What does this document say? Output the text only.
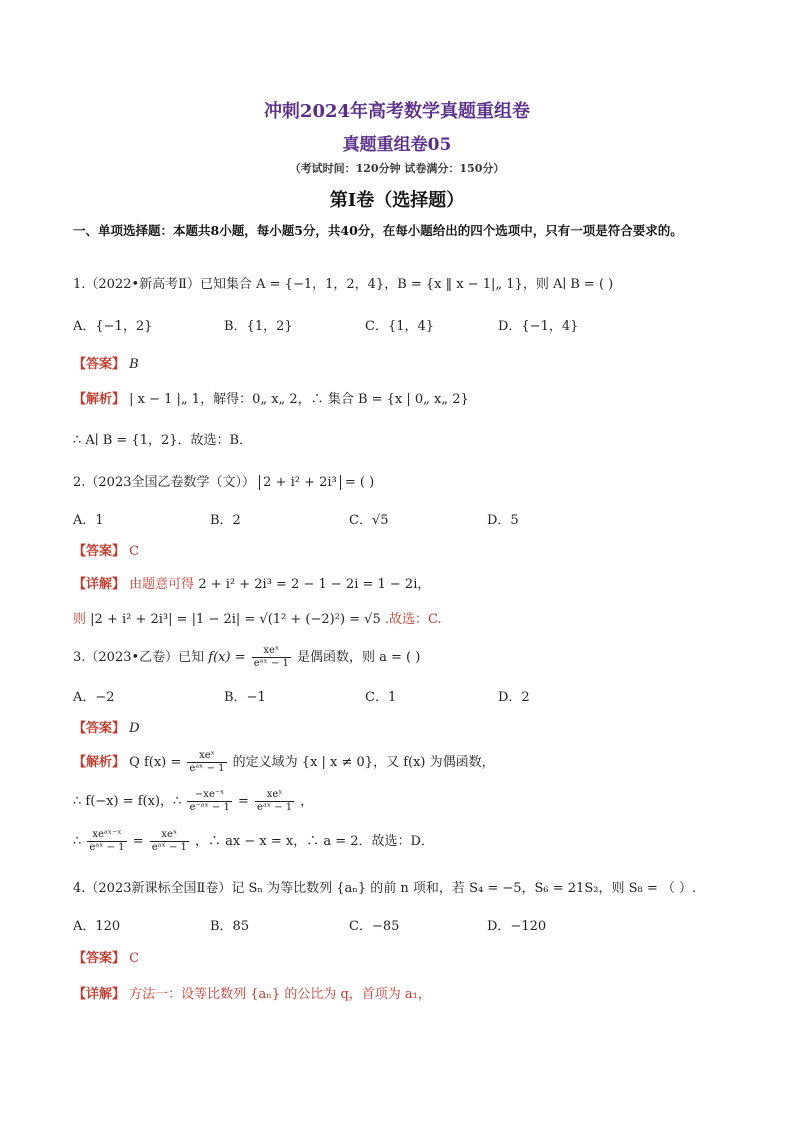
冲刺2024年高考数学真题重组卷
真题重组卷05
（考试时间：120分钟 试卷满分：150分）
第I卷（选择题）
一、单项选择题：本题共8小题，每小题5分，共40分，在每小题给出的四个选项中，只有一项是符合要求的。
1.（2022•新高考Ⅱ）已知集合 A = {−1，1，2，4}，B = {x ‖ x − 1|„ 1}，则 A∣ B = ( )
A．{−1，2}	B．{1，2}	C．{1，4}	D．{−1，4}
【答案】 B
【解析】 | x − 1 |„ 1，解得：0„ x„ 2，∴ 集合 B = {x | 0„ x„ 2}
∴ A∣ B = {1，2}．故选：B．
2.（2023全国乙卷数学（文）） 2 + i² + 2i³ = ( )
A．1	B．2	C．√5	D．5
【答案】 C
【详解】 由题意可得 2 + i² + 2i³ = 2 − 1 − 2i = 1 − 2i，
则 |2 + i² + 2i³| = |1 − 2i| = √(1² + (−2)²) = √5 .故选：C.
3.（2023•乙卷）已知 $f(x) = \frac{\text{xeˣ}}{\text{eᵃˣ − 1}}$ 是偶函数，则 a = ( )
A．−2	B．−1	C．1	D．2
【答案】 D
【解析】 Q $f(x) = \frac{\text{xeˣ}}{\text{eᵃˣ − 1}}$ 的定义域为 {x | x ≠ 0}，又 f(x) 为偶函数，
∴ f(−x) = f(x)，∴ $\frac{\text{−xe⁻ˣ}}{\text{e⁻ᵃˣ − 1}} = \frac{\text{xeˣ}}{\text{eᵃˣ − 1}}$ ，
∴ $\frac{\text{xeᵃˣ⁻ˣ}}{\text{eᵃˣ − 1}} = \frac{\text{xeˣ}}{\text{eᵃˣ − 1}}$ ，∴ ax − x = x，∴ a = 2．故选：D．
4.（2023新课标全国Ⅱ卷）记 Sₙ 为等比数列 {aₙ} 的前 n 项和，若 S₄ = −5，S₆ = 21S₂，则 S₈ = （ ）.
A．120	B．85	C．−85	D．−120
【答案】 C
【详解】 方法一：设等比数列 {aₙ} 的公比为 q，首项为 a₁，
